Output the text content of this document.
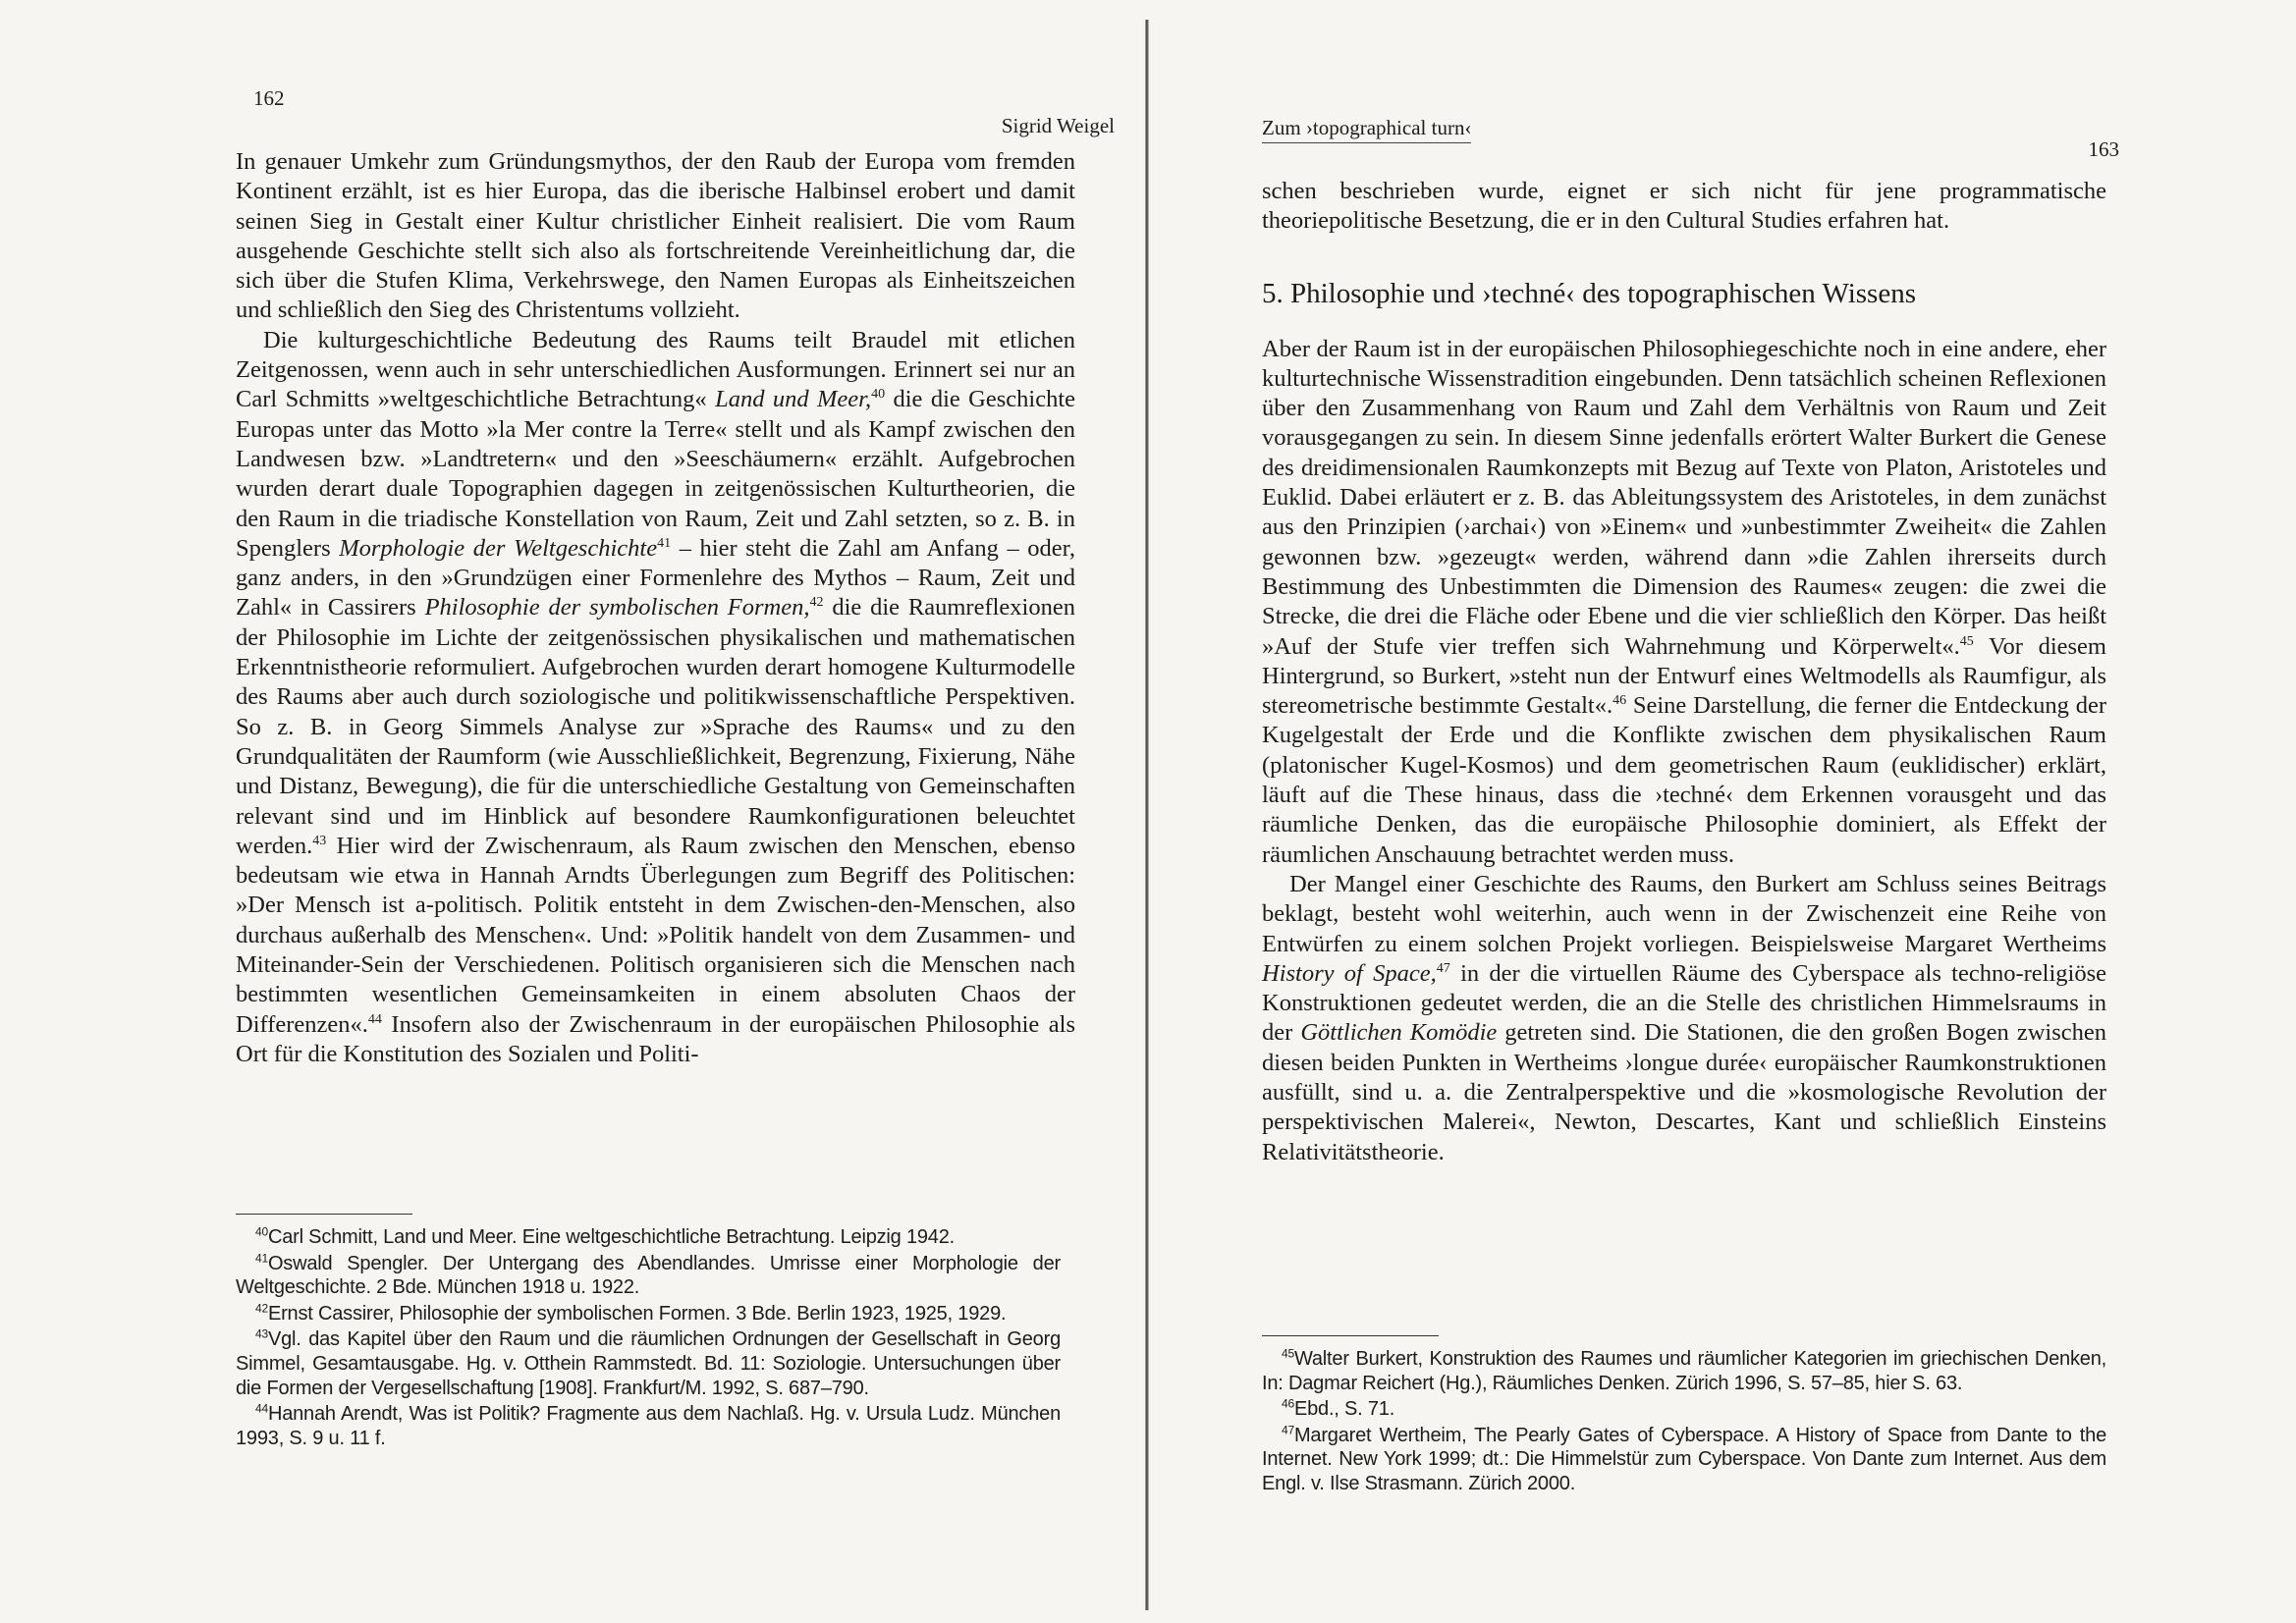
162
Sigrid Weigel

In genauer Umkehr zum Gründungsmythos, der den Raub der Europa vom fremden Kontinent erzählt, ist es hier Europa, das die iberische Halbinsel erobert und damit seinen Sieg in Gestalt einer Kultur christlicher Einheit realisiert. Die vom Raum ausgehende Geschichte stellt sich also als fortschreitende Vereinheitlichung dar, die sich über die Stufen Klima, Verkehrswege, den Namen Europas als Einheitszeichen und schließlich den Sieg des Christentums vollzieht.

Die kulturgeschichtliche Bedeutung des Raums teilt Braudel mit etlichen Zeitgenossen, wenn auch in sehr unterschiedlichen Ausformungen. Erinnert sei nur an Carl Schmitts »weltgeschichtliche Betrachtung« Land und Meer,$^{40}$ die die Geschichte Europas unter das Motto »la Mer contre la Terre« stellt und als Kampf zwischen den Landwesen bzw. »Landtretern« und den »Seeschäumern« erzählt. Aufgebrochen wurden derart duale Topographien dagegen in zeitgenössischen Kulturtheorien, die den Raum in die triadische Konstellation von Raum, Zeit und Zahl setzten, so z. B. in Spenglers Morphologie der Weltgeschichte$^{41}$ – hier steht die Zahl am Anfang – oder, ganz anders, in den »Grundzügen einer Formenlehre des Mythos – Raum, Zeit und Zahl« in Cassirers Philosophie der symbolischen Formen,$^{42}$ die die Raumreflexionen der Philosophie im Lichte der zeitgenössischen physikalischen und mathematischen Erkenntnistheorie reformuliert. Aufgebrochen wurden derart homogene Kulturmodelle des Raums aber auch durch soziologische und politikwissenschaftliche Perspektiven. So z. B. in Georg Simmels Analyse zur »Sprache des Raums« und zu den Grundqualitäten der Raumform (wie Ausschließlichkeit, Begrenzung, Fixierung, Nähe und Distanz, Bewegung), die für die unterschiedliche Gestaltung von Gemeinschaften relevant sind und im Hinblick auf besondere Raumkonfigurationen beleuchtet werden.$^{43}$ Hier wird der Zwischenraum, als Raum zwischen den Menschen, ebenso bedeutsam wie etwa in Hannah Arndts Überlegungen zum Begriff des Politischen: »Der Mensch ist a-politisch. Politik entsteht in dem Zwischen-den-Menschen, also durchaus außerhalb des Menschen«. Und: »Politik handelt von dem Zusammen- und Miteinander-Sein der Verschiedenen. Politisch organisieren sich die Menschen nach bestimmten wesentlichen Gemeinsamkeiten in einem absoluten Chaos der Differenzen«.$^{44}$ Insofern also der Zwischenraum in der europäischen Philosophie als Ort für die Konstitution des Sozialen und Politi-

$^{40}$Carl Schmitt, Land und Meer. Eine weltgeschichtliche Betrachtung. Leipzig 1942.

$^{41}$Oswald Spengler. Der Untergang des Abendlandes. Umrisse einer Morphologie der Weltgeschichte. 2 Bde. München 1918 u. 1922.

$^{42}$Ernst Cassirer, Philosophie der symbolischen Formen. 3 Bde. Berlin 1923, 1925, 1929.

$^{43}$Vgl. das Kapitel über den Raum und die räumlichen Ordnungen der Gesellschaft in Georg Simmel, Gesamtausgabe. Hg. v. Otthein Rammstedt. Bd. 11: Soziologie. Untersuchungen über die Formen der Vergesellschaftung [1908]. Frankfurt/M. 1992, S. 687–790.

$^{44}$Hannah Arendt, Was ist Politik? Fragmente aus dem Nachlaß. Hg. v. Ursula Ludz. München 1993, S. 9 u. 11 f.

Zum ›topographical turn‹
163

schen beschrieben wurde, eignet er sich nicht für jene programmatische theoriepolitische Besetzung, die er in den Cultural Studies erfahren hat.

5. Philosophie und ›techné‹ des topographischen Wissens

Aber der Raum ist in der europäischen Philosophiegeschichte noch in eine andere, eher kulturtechnische Wissenstradition eingebunden. Denn tatsächlich scheinen Reflexionen über den Zusammenhang von Raum und Zahl dem Verhältnis von Raum und Zeit vorausgegangen zu sein. In diesem Sinne jedenfalls erörtert Walter Burkert die Genese des dreidimensionalen Raumkonzepts mit Bezug auf Texte von Platon, Aristoteles und Euklid. Dabei erläutert er z. B. das Ableitungssystem des Aristoteles, in dem zunächst aus den Prinzipien (›archai‹) von »Einem« und »unbestimmter Zweiheit« die Zahlen gewonnen bzw. »gezeugt« werden, während dann »die Zahlen ihrerseits durch Bestimmung des Unbestimmten die Dimension des Raumes« zeugen: die zwei die Strecke, die drei die Fläche oder Ebene und die vier schließlich den Körper. Das heißt »Auf der Stufe vier treffen sich Wahrnehmung und Körperwelt«.$^{45}$ Vor diesem Hintergrund, so Burkert, »steht nun der Entwurf eines Weltmodells als Raumfigur, als stereometrische bestimmte Gestalt«.$^{46}$ Seine Darstellung, die ferner die Entdeckung der Kugelgestalt der Erde und die Konflikte zwischen dem physikalischen Raum (platonischer Kugel-Kosmos) und dem geometrischen Raum (euklidischer) erklärt, läuft auf die These hinaus, dass die ›techné‹ dem Erkennen vorausgeht und das räumliche Denken, das die europäische Philosophie dominiert, als Effekt der räumlichen Anschauung betrachtet werden muss.

Der Mangel einer Geschichte des Raums, den Burkert am Schluss seines Beitrags beklagt, besteht wohl weiterhin, auch wenn in der Zwischenzeit eine Reihe von Entwürfen zu einem solchen Projekt vorliegen. Beispielsweise Margaret Wertheims History of Space,$^{47}$ in der die virtuellen Räume des Cyberspace als techno-religiöse Konstruktionen gedeutet werden, die an die Stelle des christlichen Himmelsraums in der Göttlichen Komödie getreten sind. Die Stationen, die den großen Bogen zwischen diesen beiden Punkten in Wertheims ›longue durée‹ europäischer Raumkonstruktionen ausfüllt, sind u. a. die Zentralperspektive und die »kosmologische Revolution der perspektivischen Malerei«, Newton, Descartes, Kant und schließlich Einsteins Relativitätstheorie.

$^{45}$Walter Burkert, Konstruktion des Raumes und räumlicher Kategorien im griechischen Denken, In: Dagmar Reichert (Hg.), Räumliches Denken. Zürich 1996, S. 57–85, hier S. 63.

$^{46}$Ebd., S. 71.

$^{47}$Margaret Wertheim, The Pearly Gates of Cyberspace. A History of Space from Dante to the Internet. New York 1999; dt.: Die Himmelstür zum Cyberspace. Von Dante zum Internet. Aus dem Engl. v. Ilse Strasmann. Zürich 2000.
